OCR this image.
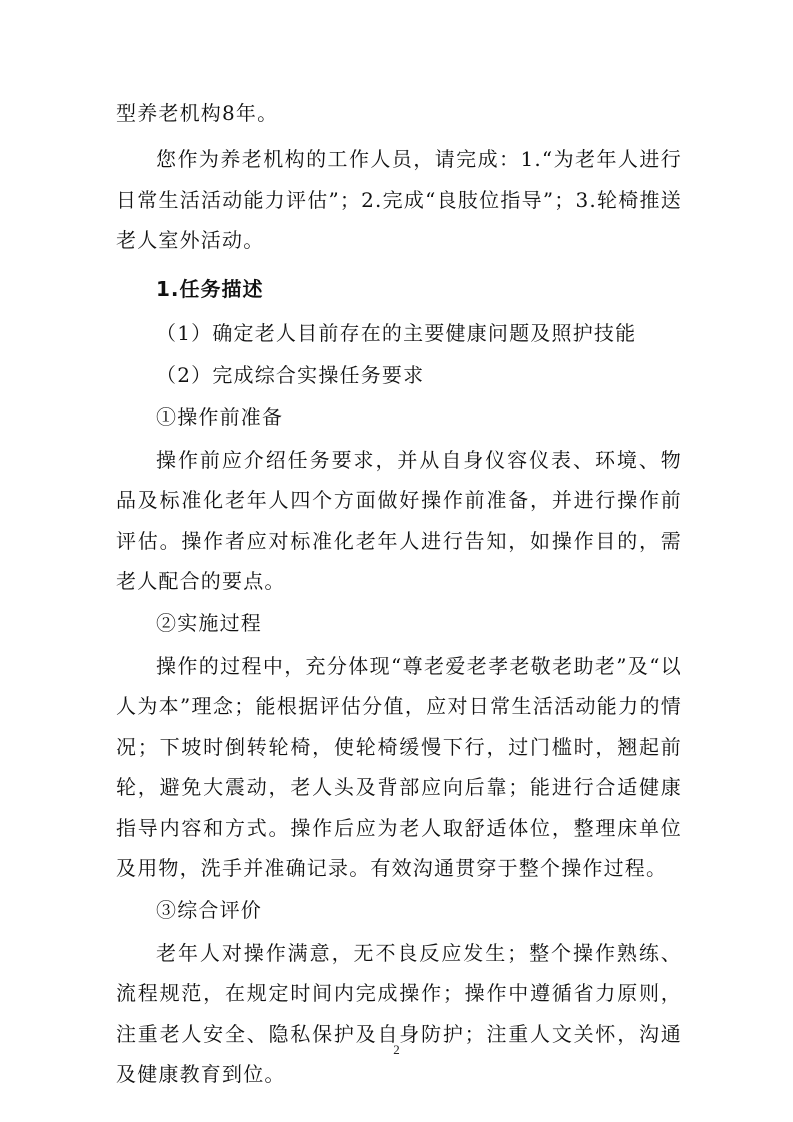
型养老机构8年。

您作为养老机构的工作人员，请完成：1.“为老年人进行日常生活活动能力评估”；2.完成“良肢位指导”；3.轮椅推送老人室外活动。

1.任务描述
（1）确定老人目前存在的主要健康问题及照护技能
（2）完成综合实操任务要求
①操作前准备

操作前应介绍任务要求，并从自身仪容仪表、环境、物品及标准化老年人四个方面做好操作前准备，并进行操作前评估。操作者应对标准化老年人进行告知，如操作目的，需老人配合的要点。

②实施过程

操作的过程中，充分体现“尊老爱老孝老敬老助老”及“以人为本”理念；能根据评估分值，应对日常生活活动能力的情况；下坡时倒转轮椅，使轮椅缓慢下行，过门槛时，翘起前轮，避免大震动，老人头及背部应向后靠；能进行合适健康指导内容和方式。操作后应为老人取舒适体位，整理床单位及用物，洗手并准确记录。有效沟通贯穿于整个操作过程。

③综合评价

老年人对操作满意，无不良反应发生；整个操作熟练、流程规范，在规定时间内完成操作；操作中遵循省力原则，注重老人安全、隐私保护及自身防护；注重人文关怀，沟通及健康教育到位。

2
